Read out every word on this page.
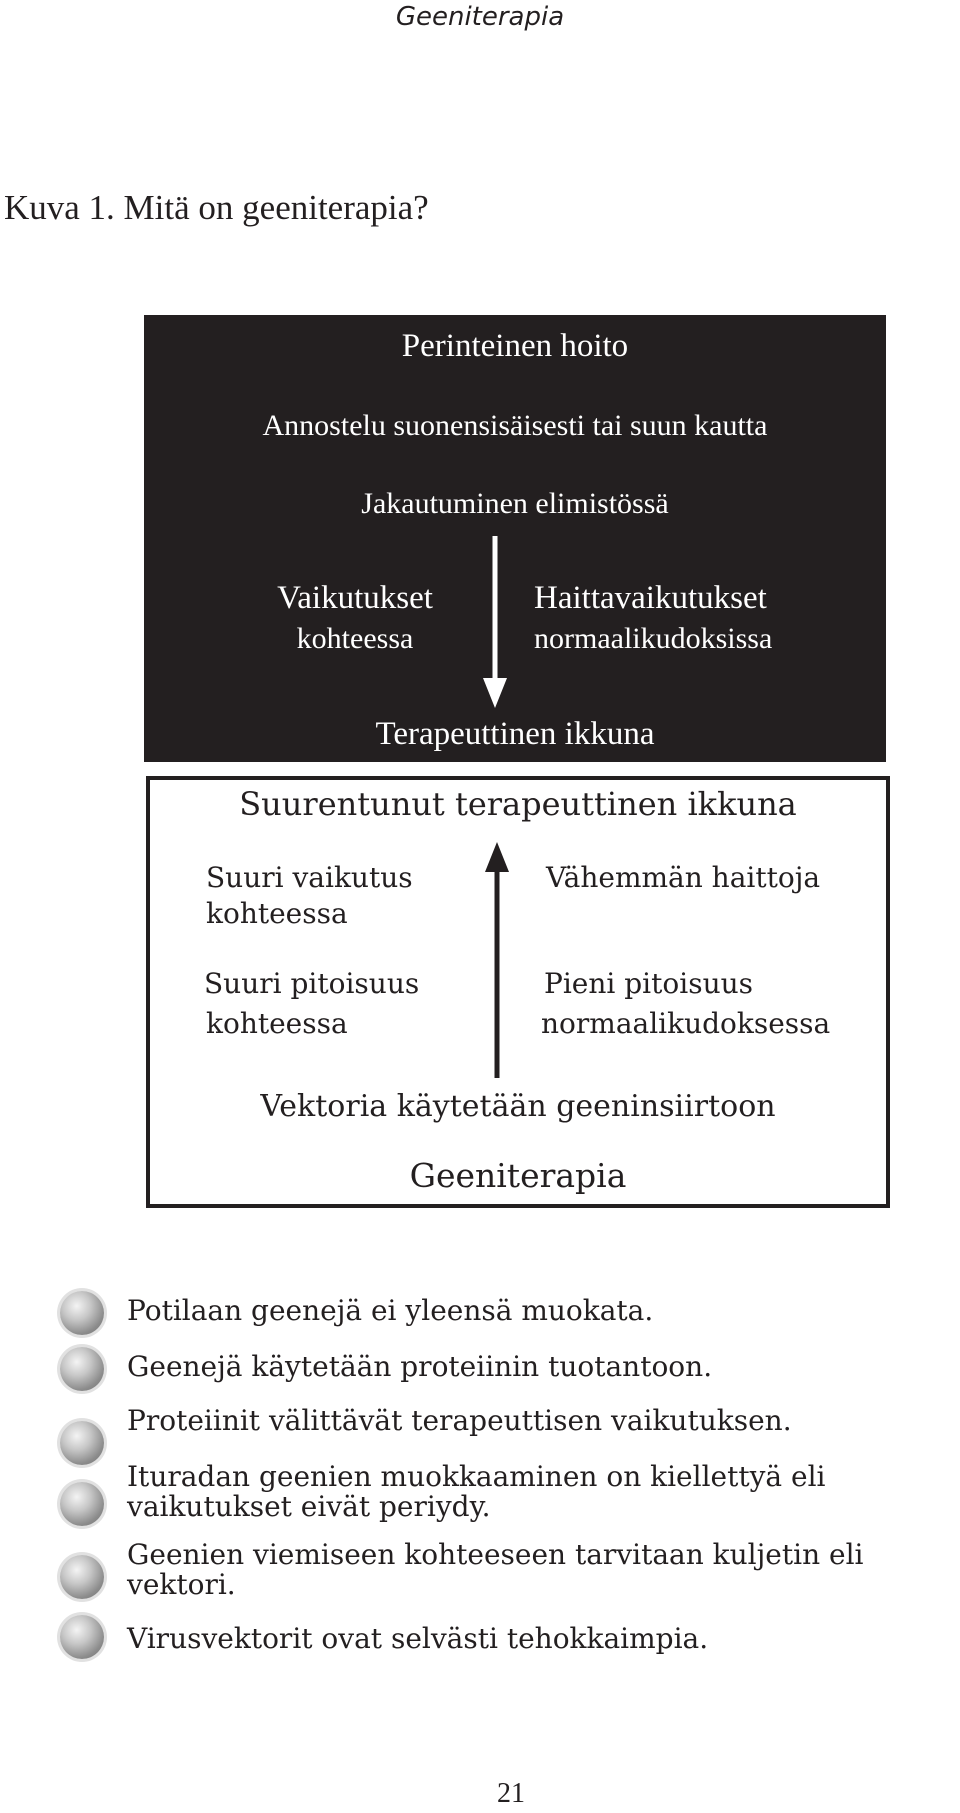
Geeniterapia
Kuva 1. Mitä on geeniterapia?
Perinteinen hoito
Annostelu suonensisäisesti tai suun kautta
Jakautuminen elimistössä
Vaikutukset
kohteessa
Haittavaikutukset
normaalikudoksissa
Terapeuttinen ikkuna
Suurentunut terapeuttinen ikkuna
Suuri vaikutus
kohteessa
Vähemmän haittoja
Suuri pitoisuus
kohteessa
Pieni pitoisuus
normaalikudoksessa
Vektoria käytetään geeninsiirtoon
Geeniterapia
Potilaan geenejä ei yleensä muokata.
Geenejä käytetään proteiinin tuotantoon.
Proteiinit välittävät terapeuttisen vaikutuksen.
Ituradan geenien muokkaaminen on kiellettyä eli vaikutukset eivät periydy.
Geenien viemiseen kohteeseen tarvitaan kuljetin eli vektori.
Virusvektorit ovat selvästi tehokkaimpia.
21
